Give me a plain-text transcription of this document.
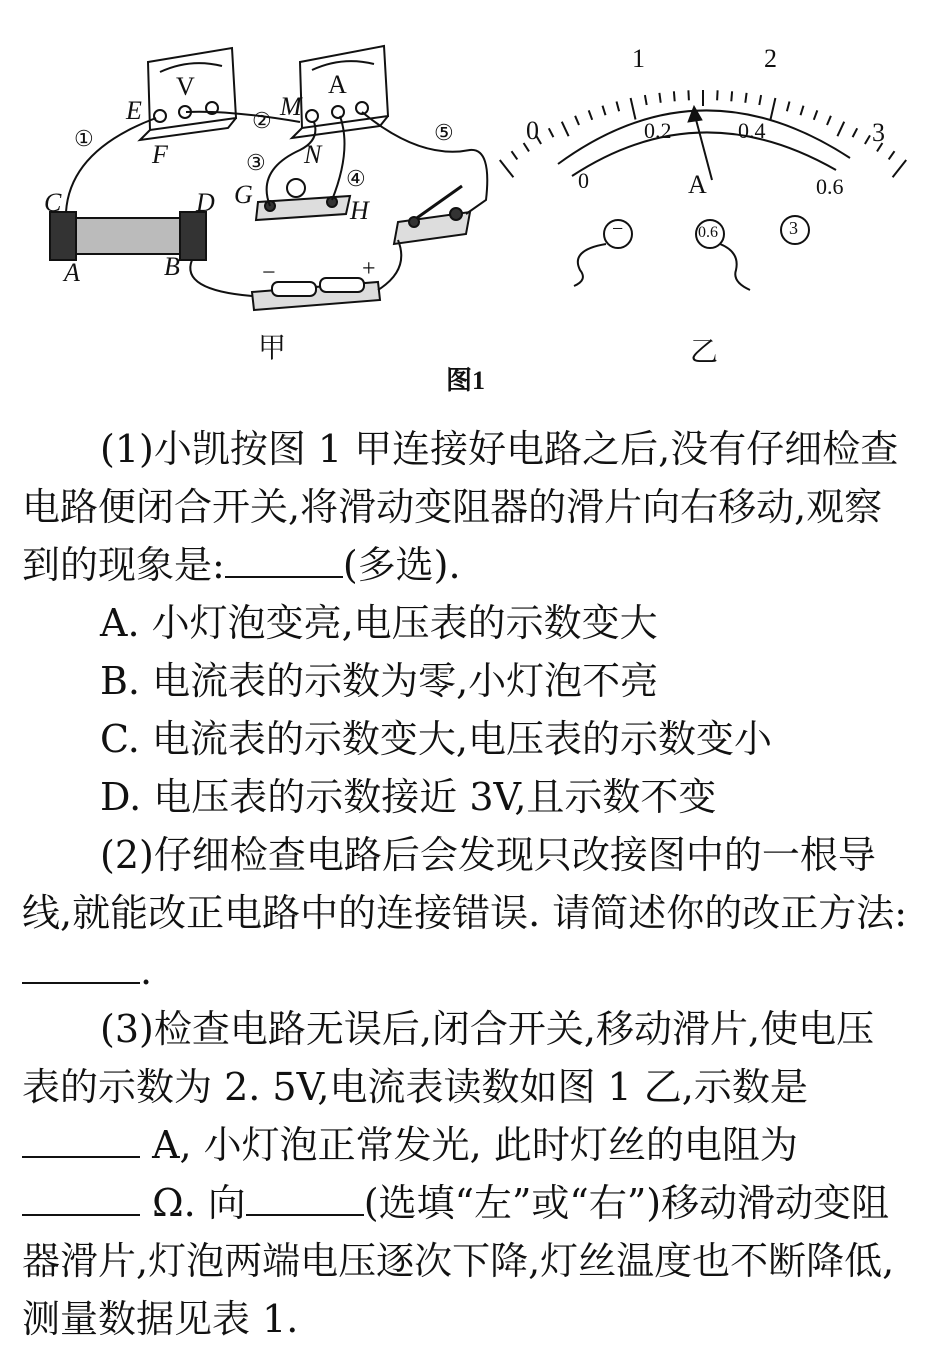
V	A
E
F
M
N
C	D
A	B
G
H
①
②
③
④
⑤
+
−
0
1	2
3
0
0.2	0.4
0.6
A
−	0.6	3
甲	乙
图1

(1)小凯按图 1 甲连接好电路之后,没有仔细检查电路便闭合开关,将滑动变阻器的滑片向右移动,观察到的现象是:	(多选).

A. 小灯泡变亮,电压表的示数变大

B. 电流表的示数为零,小灯泡不亮

C. 电流表的示数变大,电压表的示数变小

D. 电压表的示数接近 3V,且示数不变

(2)仔细检查电路后会发现只改接图中的一根导线,就能改正电路中的连接错误. 请简述你的改正方法:.

(3)检查电路无误后,闭合开关,移动滑片,使电压表的示数为 2. 5V,电流表读数如图 1 乙,示数是 A, 小灯泡正常发光, 此时灯丝的电阻为 Ω. 向	(选填“左”或“右”)移动滑动变阻器滑片,灯泡两端电压逐次下降,灯丝温度也不断降低,测量数据见表 1.
